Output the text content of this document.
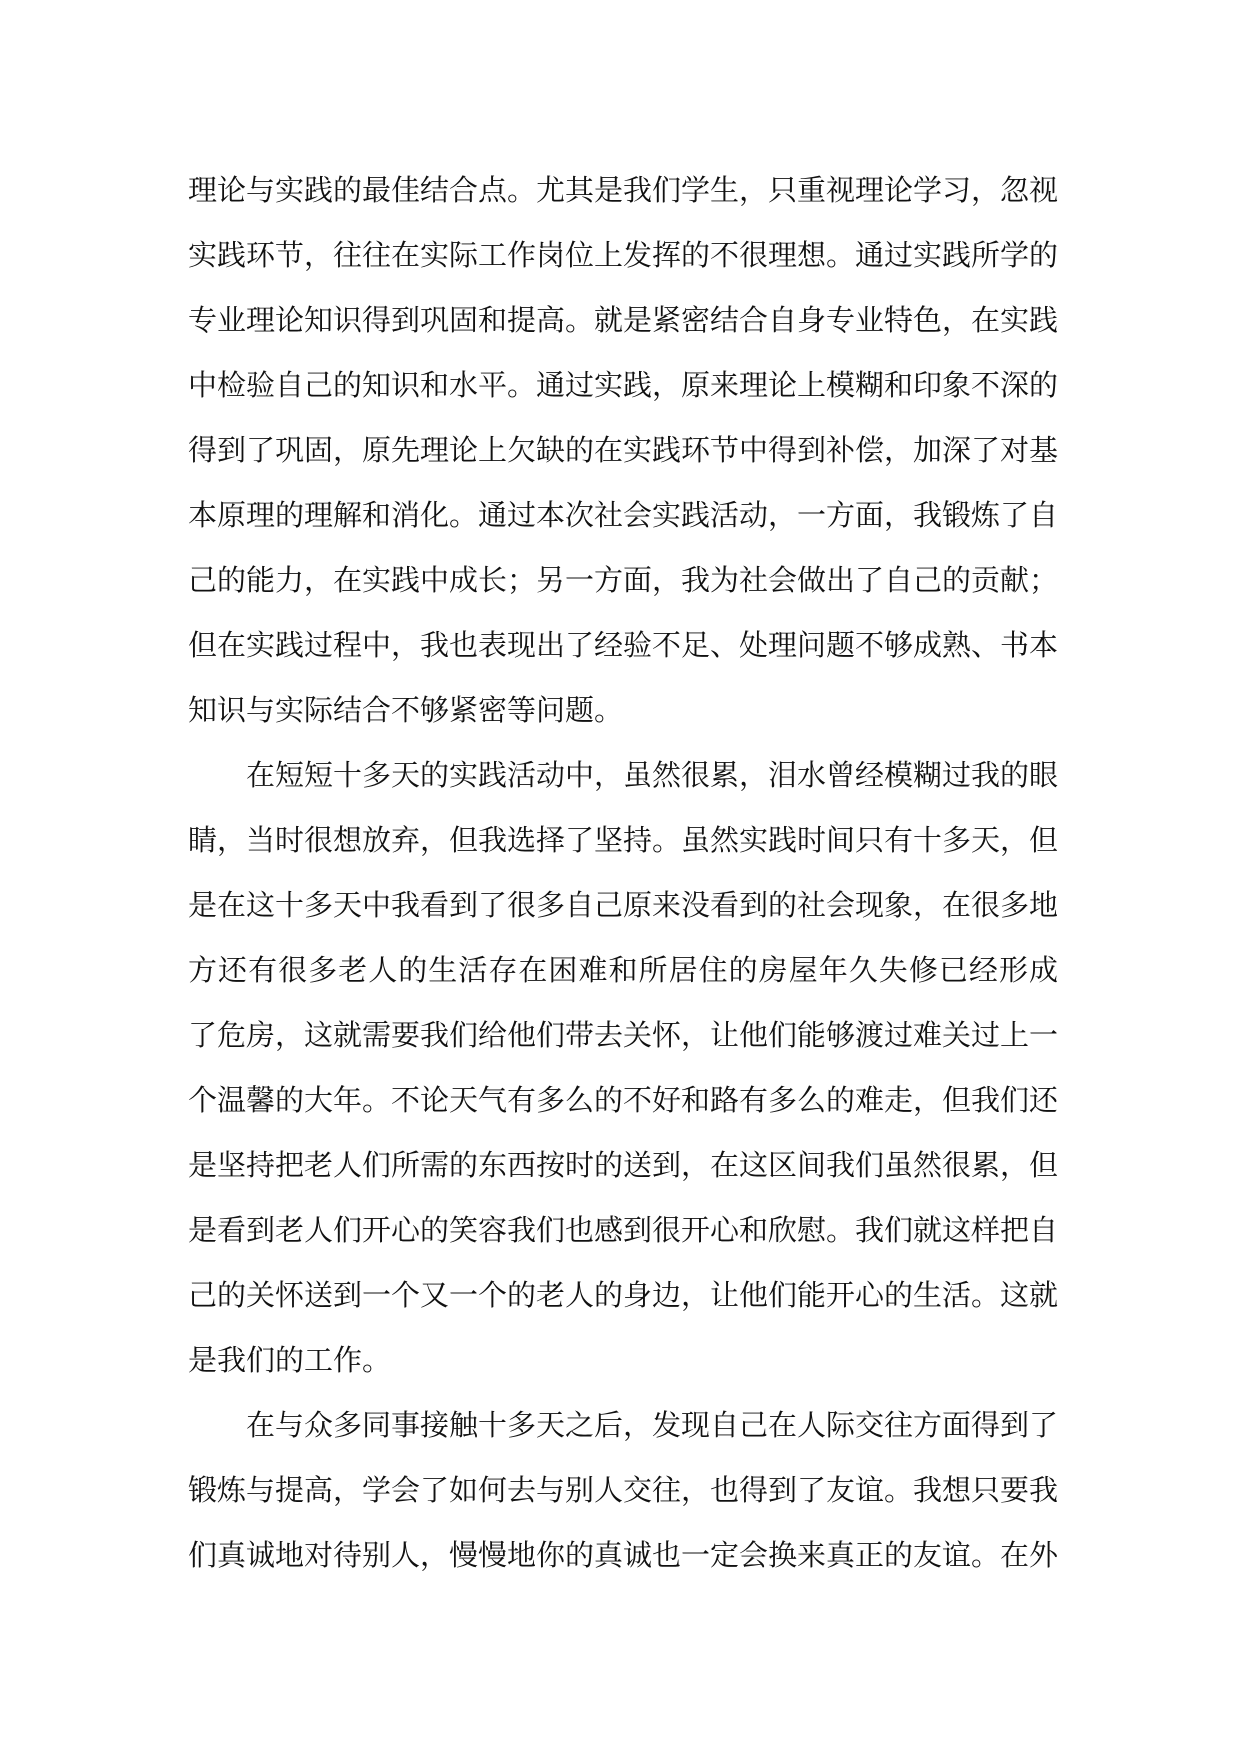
理论与实践的最佳结合点。尤其是我们学生，只重视理论学习，忽视
实践环节，往往在实际工作岗位上发挥的不很理想。通过实践所学的
专业理论知识得到巩固和提高。就是紧密结合自身专业特色，在实践
中检验自己的知识和水平。通过实践，原来理论上模糊和印象不深的
得到了巩固，原先理论上欠缺的在实践环节中得到补偿，加深了对基
本原理的理解和消化。通过本次社会实践活动，一方面，我锻炼了自
己的能力，在实践中成长；另一方面，我为社会做出了自己的贡献；
但在实践过程中，我也表现出了经验不足、处理问题不够成熟、书本
知识与实际结合不够紧密等问题。
在短短十多天的实践活动中，虽然很累，泪水曾经模糊过我的眼
睛，当时很想放弃，但我选择了坚持。虽然实践时间只有十多天，但
是在这十多天中我看到了很多自己原来没看到的社会现象，在很多地
方还有很多老人的生活存在困难和所居住的房屋年久失修已经形成
了危房，这就需要我们给他们带去关怀，让他们能够渡过难关过上一
个温馨的大年。不论天气有多么的不好和路有多么的难走，但我们还
是坚持把老人们所需的东西按时的送到，在这区间我们虽然很累，但
是看到老人们开心的笑容我们也感到很开心和欣慰。我们就这样把自
己的关怀送到一个又一个的老人的身边，让他们能开心的生活。这就
是我们的工作。
在与众多同事接触十多天之后，发现自己在人际交往方面得到了
锻炼与提高，学会了如何去与别人交往，也得到了友谊。我想只要我
们真诚地对待别人，慢慢地你的真诚也一定会换来真正的友谊。在外
